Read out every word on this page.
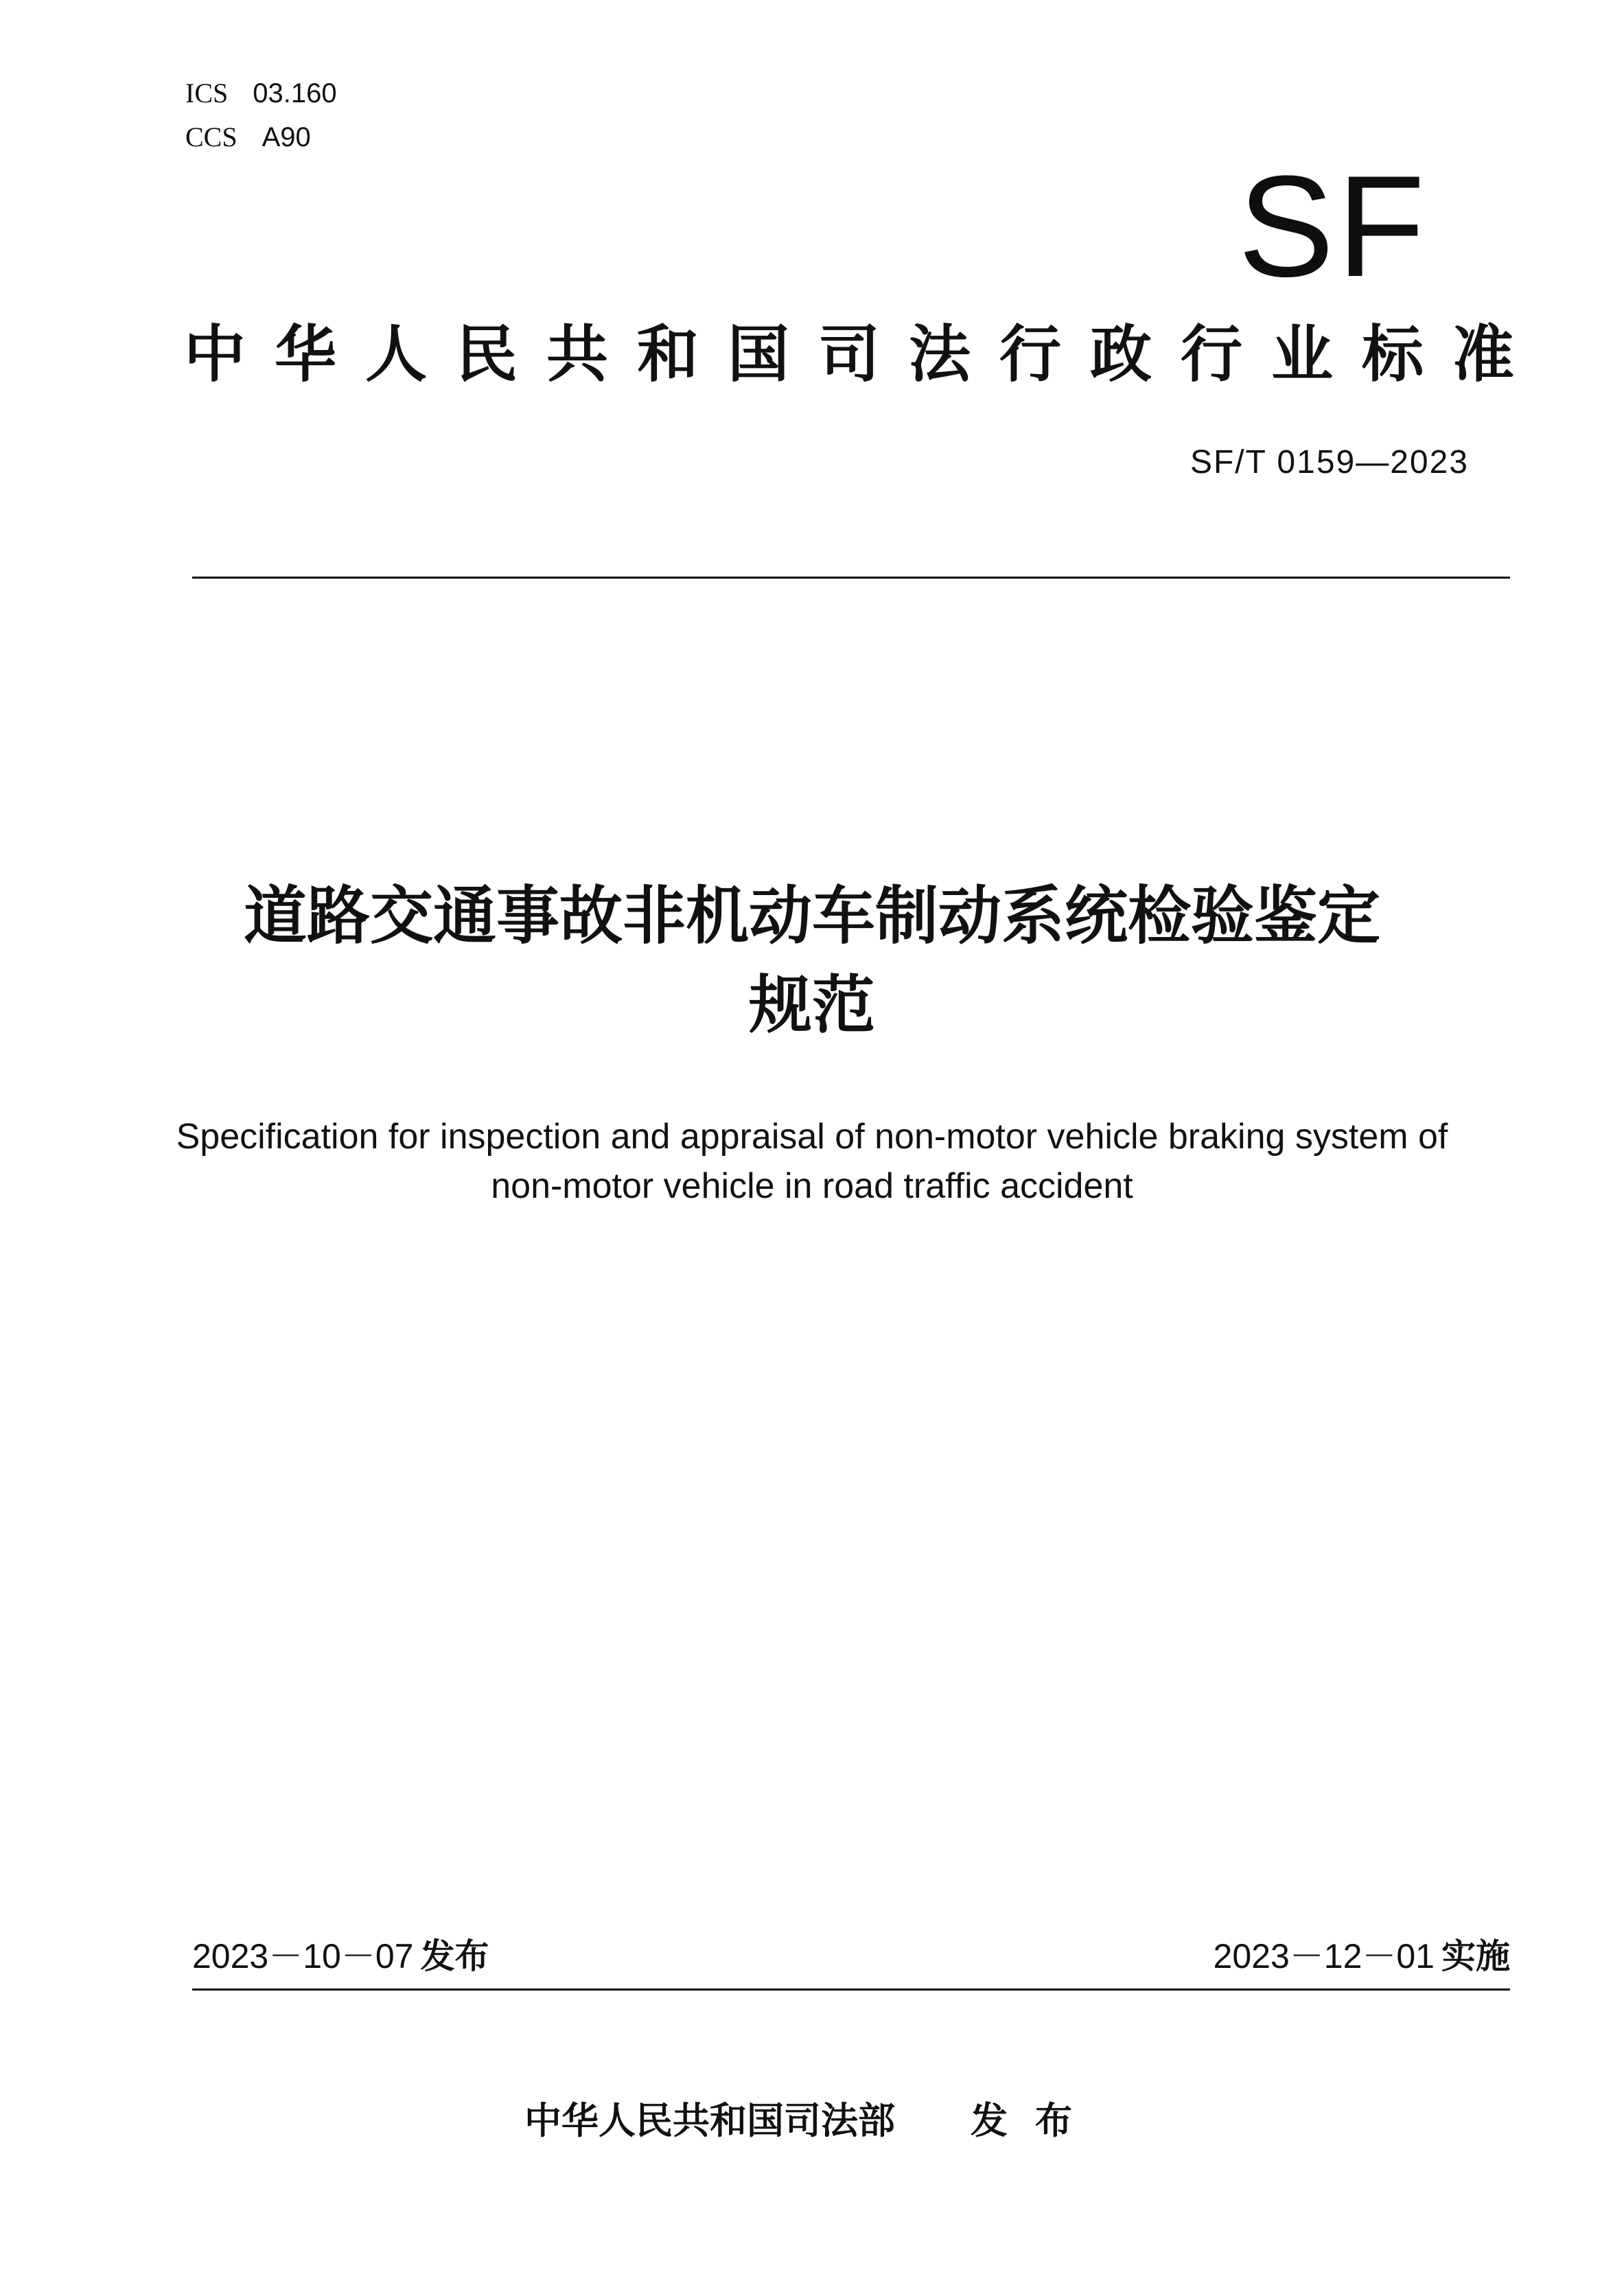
ICS 03.160
CCS A90
SF
中华人民共和国司法行政行业标准
SF/T 0159—2023
道路交通事故非机动车制动系统检验鉴定
规范
Specification for inspection and appraisal of non-motor vehicle braking system of
non-motor vehicle in road traffic accident
2023－10－07 发布	2023－12－01 实施
中华人民共和国司法部 发布
